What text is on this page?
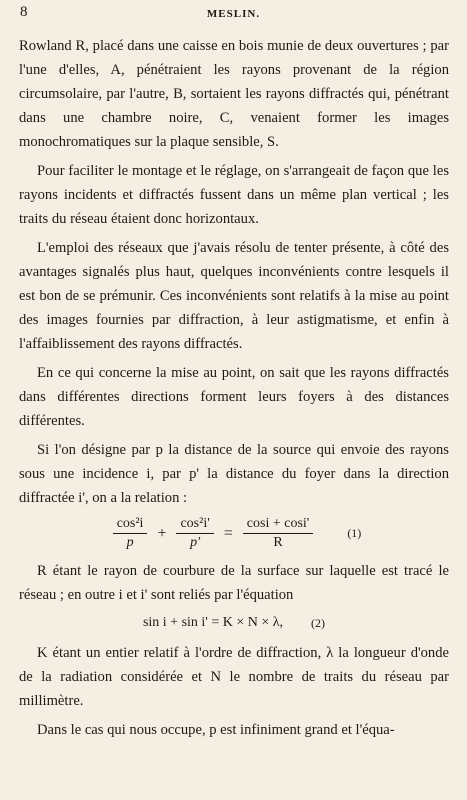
8	MESLIN.

Rowland R, placé dans une caisse en bois munie de deux ouvertures ; par l'une d'elles, A, pénétraient les rayons provenant de la région circumsolaire, par l'autre, B, sortaient les rayons diffractés qui, pénétrant dans une chambre noire, C, venaient former les images monochromatiques sur la plaque sensible, S.

Pour faciliter le montage et le réglage, on s'arrangeait de façon que les rayons incidents et diffractés fussent dans un même plan vertical ; les traits du réseau étaient donc horizontaux.

L'emploi des réseaux que j'avais résolu de tenter présente, à côté des avantages signalés plus haut, quelques inconvénients contre lesquels il est bon de se prémunir. Ces inconvénients sont relatifs à la mise au point des images fournies par diffraction, à leur astigmatisme, et enfin à l'affaiblissement des rayons diffractés.

En ce qui concerne la mise au point, on sait que les rayons diffractés dans différentes directions forment leurs foyers à des distances différentes.

Si l'on désigne par p la distance de la source qui envoie des rayons sous une incidence i, par p' la distance du foyer dans la direction diffractée i', on a la relation :

$\frac{\text{cos²i}}{p} + \frac{\text{cos²i'}}{p'} = \frac{\cos i + \cos i'}{R}$	(1)

R étant le rayon de courbure de la surface sur laquelle est tracé le réseau ; en outre i et i' sont reliés par l'équation

sin i + sin i' = K × N × λ, (2)

K étant un entier relatif à l'ordre de diffraction, λ la longueur d'onde de la radiation considérée et N le nombre de traits du réseau par millimètre.

Dans le cas qui nous occupe, p est infiniment grand et l'équa-
